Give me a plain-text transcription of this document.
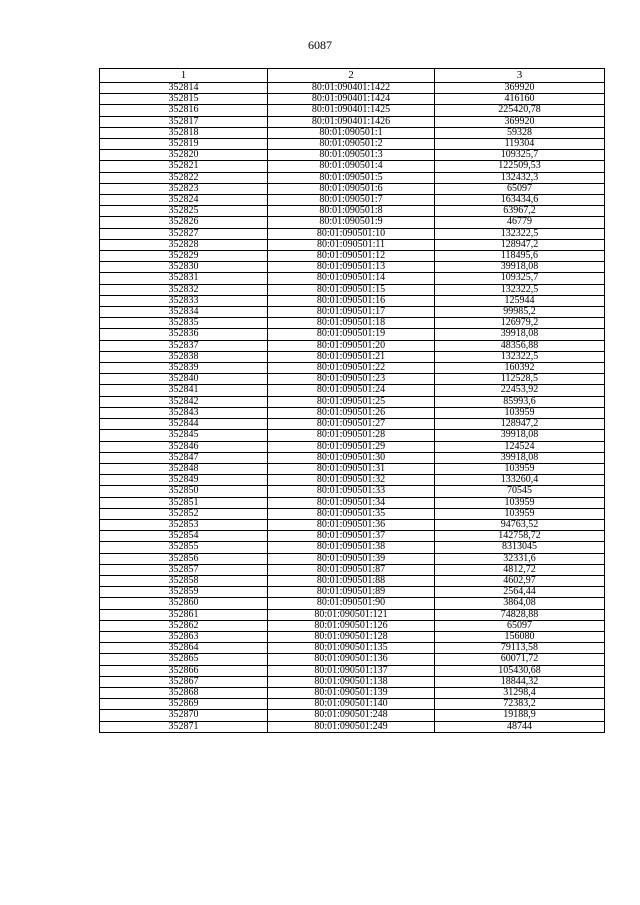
6087
1	2	3
352814	80:01:090401:1422	369920
352815	80:01:090401:1424	416160
352816	80:01:090401:1425	225420,78
352817	80:01:090401:1426	369920
352818	80:01:090501:1	59328
352819	80:01:090501:2	119304
352820	80:01:090501:3	109325,7
352821	80:01:090501:4	122509,53
352822	80:01:090501:5	132432,3
352823	80:01:090501:6	65097
352824	80:01:090501:7	163434,6
352825	80:01:090501:8	63967,2
352826	80:01:090501:9	46779
352827	80:01:090501:10	132322,5
352828	80:01:090501:11	128947,2
352829	80:01:090501:12	118495,6
352830	80:01:090501:13	39918,08
352831	80:01:090501:14	109325,7
352832	80:01:090501:15	132322,5
352833	80:01:090501:16	125944
352834	80:01:090501:17	99985,2
352835	80:01:090501:18	126979,2
352836	80:01:090501:19	39918,08
352837	80:01:090501:20	48356,88
352838	80:01:090501:21	132322,5
352839	80:01:090501:22	160392
352840	80:01:090501:23	112528,5
352841	80:01:090501:24	22453,92
352842	80:01:090501:25	85993,6
352843	80:01:090501:26	103959
352844	80:01:090501:27	128947,2
352845	80:01:090501:28	39918,08
352846	80:01:090501:29	124524
352847	80:01:090501:30	39918,08
352848	80:01:090501:31	103959
352849	80:01:090501:32	133260,4
352850	80:01:090501:33	70545
352851	80:01:090501:34	103959
352852	80:01:090501:35	103959
352853	80:01:090501:36	94763,52
352854	80:01:090501:37	142758,72
352855	80:01:090501:38	8313045
352856	80:01:090501:39	32331,6
352857	80:01:090501:87	4812,72
352858	80:01:090501:88	4602,97
352859	80:01:090501:89	2564,44
352860	80:01:090501:90	3864,08
352861	80:01:090501:121	74828,88
352862	80:01:090501:126	65097
352863	80:01:090501:128	156080
352864	80:01:090501:135	79113,58
352865	80:01:090501:136	60071,72
352866	80:01:090501:137	105430,68
352867	80:01:090501:138	18844,32
352868	80:01:090501:139	31298,4
352869	80:01:090501:140	72383,2
352870	80:01:090501:248	19188,9
352871	80:01:090501:249	48744
